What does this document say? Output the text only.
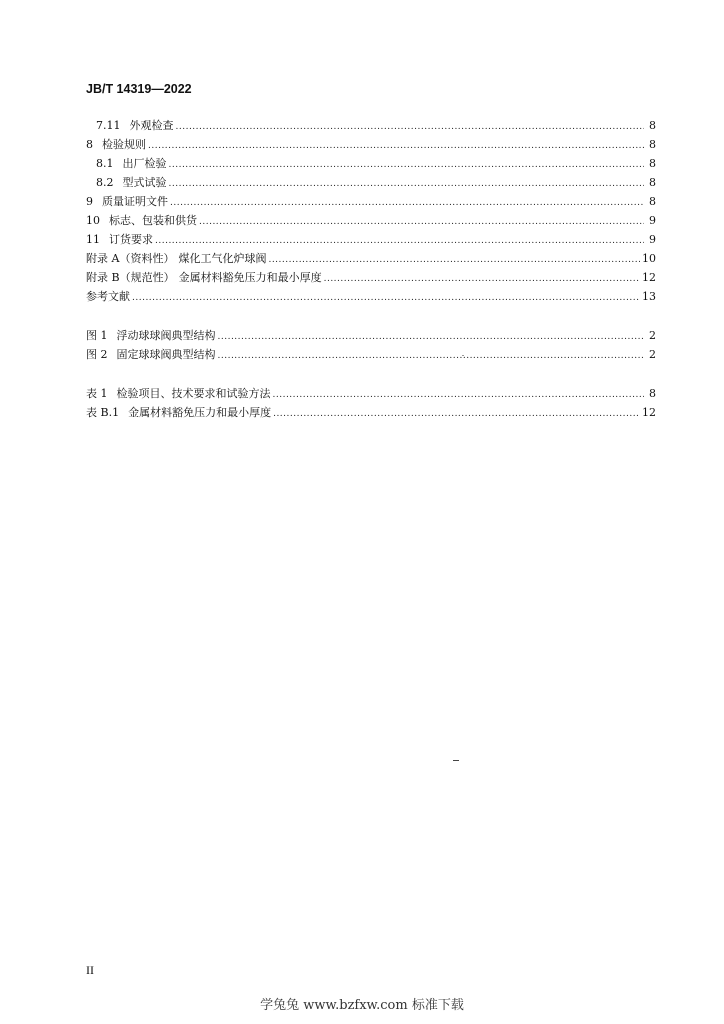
JB/T 14319—2022
7.11 外观检查 .....	8
8 检验规则 .....	8
8.1 出厂检验 .....	8
8.2 型式试验 .....	8
9 质量证明文件 .....	8
10 标志、包装和供货 .....	9
11 订货要求 .....	9
附录 A（资料性） 煤化工气化炉球阀 .....	10
附录 B（规范性） 金属材料豁免压力和最小厚度 .....	12
参考文献 .....	13
图 1 浮动球球阀典型结构 .....	2
图 2 固定球球阀典型结构 .....	2
表 1 检验项目、技术要求和试验方法 .....	8
表 B.1 金属材料豁免压力和最小厚度 .....	12
II
学兔兔 www.bzfxw.com 标准下载
